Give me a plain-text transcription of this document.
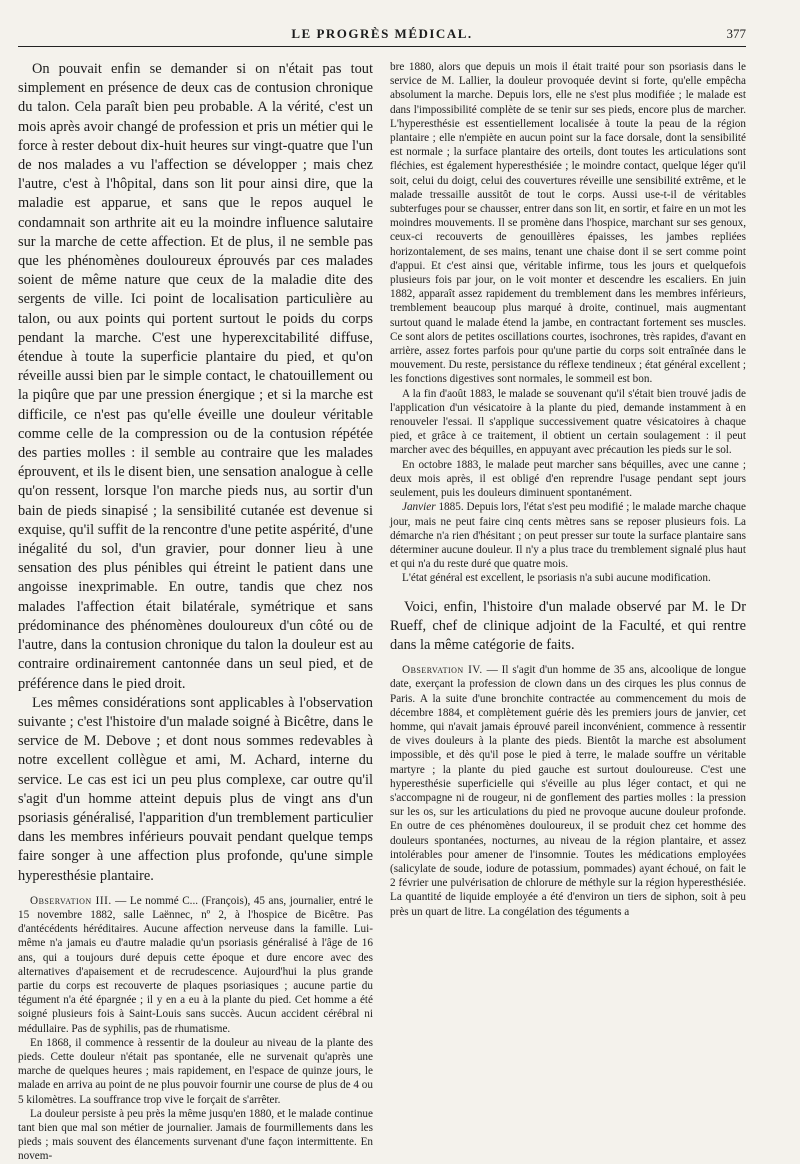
LE PROGRÈS MÉDICAL.	377

On pouvait enfin se demander si on n'était pas tout simplement en présence de deux cas de contusion chronique du talon. Cela paraît bien peu probable. A la vérité, c'est un mois après avoir changé de profession et pris un métier qui le force à rester debout dix-huit heures sur vingt-quatre que l'un de nos malades a vu l'affection se développer ; mais chez l'autre, c'est à l'hôpital, dans son lit pour ainsi dire, que la maladie est apparue, et sans que le repos auquel le condamnait son arthrite ait eu la moindre influence salutaire sur la marche de cette affection. Et de plus, il ne semble pas que les phénomènes douloureux éprouvés par ces malades soient de même nature que ceux de la maladie dite des sergents de ville. Ici point de localisation particulière au talon, ou aux points qui portent surtout le poids du corps pendant la marche. C'est une hyperexcitabilité diffuse, étendue à toute la superficie plantaire du pied, et qu'on réveille aussi bien par le simple contact, le chatouillement ou la piqûre que par une pression énergique ; et si la marche est difficile, ce n'est pas qu'elle éveille une douleur véritable comme celle de la compression ou de la contusion répétée des parties molles : il semble au contraire que les malades éprouvent, et ils le disent bien, une sensation analogue à celle qu'on ressent, lorsque l'on marche pieds nus, au sortir d'un bain de pieds sinapisé ; la sensibilité cutanée est devenue si exquise, qu'il suffit de la rencontre d'une petite aspérité, d'une inégalité du sol, d'un gravier, pour donner lieu à une sensation des plus pénibles qui étreint le patient dans une angoisse inexprimable. En outre, tandis que chez nos malades l'affection était bilatérale, symétrique et sans prédominance des phénomènes douloureux d'un côté ou de l'autre, dans la contusion chronique du talon la douleur est au contraire ordinairement cantonnée dans un seul pied, et de préférence dans le pied droit.

Les mêmes considérations sont applicables à l'observation suivante ; c'est l'histoire d'un malade soigné à Bicêtre, dans le service de M. Debove ; et dont nous sommes redevables à notre excellent collègue et ami, M. Achard, interne du service. Le cas est ici un peu plus complexe, car outre qu'il s'agit d'un homme atteint depuis plus de vingt ans d'un psoriasis généralisé, l'apparition d'un tremblement particulier dans les membres inférieurs pouvait pendant quelque temps faire songer à une affection plus profonde, qu'une simple hyperesthésie plantaire.

Observation III. — Le nommé C... (François), 45 ans, journalier, entré le 15 novembre 1882, salle Laënnec, nº 2, à l'hospice de Bicêtre. Pas d'antécédents héréditaires. Aucune affection nerveuse dans la famille. Lui-même n'a jamais eu d'autre maladie qu'un psoriasis généralisé à l'âge de 16 ans, qui a toujours duré depuis cette époque et dure encore avec des alternatives d'apaisement et de recrudescence. Aujourd'hui la plus grande partie du corps est recouverte de plaques psoriasiques ; aucune partie du tégument n'a été épargnée ; il y en a eu à la plante du pied. Cet homme a été soigné plusieurs fois à Saint-Louis sans succès. Aucun accident cérébral ni médullaire. Pas de syphilis, pas de rhumatisme.

En 1868, il commence à ressentir de la douleur au niveau de la plante des pieds. Cette douleur n'était pas spontanée, elle ne survenait qu'après une marche de quelques heures ; mais rapidement, en l'espace de quinze jours, le malade en arriva au point de ne plus pouvoir fournir une course de plus de 4 ou 5 kilomètres. La souffrance trop vive le forçait de s'arrêter.

La douleur persiste à peu près la même jusqu'en 1880, et le malade continue tant bien que mal son métier de journalier. Jamais de fourmillements dans les pieds ; mais souvent des élancements survenant d'une façon intermittente. En novem-

bre 1880, alors que depuis un mois il était traité pour son psoriasis dans le service de M. Lallier, la douleur provoquée devint si forte, qu'elle empêcha absolument la marche. Depuis lors, elle ne s'est plus modifiée ; le malade est dans l'impossibilité complète de se tenir sur ses pieds, encore plus de marcher. L'hyperesthésie est essentiellement localisée à toute la peau de la région plantaire ; elle n'empiète en aucun point sur la face dorsale, dont la sensibilité est normale ; la surface plantaire des orteils, dont toutes les articulations sont fléchies, est également hyperesthésiée ; le moindre contact, quelque léger qu'il soit, celui du doigt, celui des couvertures réveille une sensibilité extrême, et le malade tressaille aussitôt de tout le corps. Aussi use-t-il de véritables subterfuges pour se chausser, entrer dans son lit, en sortir, et faire en un mot les moindres mouvements. Il se promène dans l'hospice, marchant sur ses genoux, ceux-ci recouverts de genouillères épaisses, les jambes repliées horizontalement, de ses mains, tenant une chaise dont il se sert comme point d'appui. Et c'est ainsi que, véritable infirme, tous les jours et quelquefois plusieurs fois par jour, on le voit monter et descendre les escaliers. En juin 1882, apparaît assez rapidement du tremblement dans les membres inférieurs, tremblement beaucoup plus marqué à droite, continuel, mais augmentant surtout quand le malade étend la jambe, en contractant fortement ses muscles. Ce sont alors de petites oscillations courtes, isochrones, très rapides, d'avant en arrière, assez fortes parfois pour qu'une partie du corps soit entraînée dans le mouvement. Du reste, persistance du réflexe tendineux ; état général excellent ; les fonctions digestives sont normales, le sommeil est bon.

A la fin d'août 1883, le malade se souvenant qu'il s'était bien trouvé jadis de l'application d'un vésicatoire à la plante du pied, demande instamment à en renouveler l'essai. Il s'applique successivement quatre vésicatoires à chaque pied, et grâce à ce traitement, il obtient un certain soulagement : il peut marcher avec des béquilles, en appuyant avec précaution les pieds sur le sol.

En octobre 1883, le malade peut marcher sans béquilles, avec une canne ; deux mois après, il est obligé d'en reprendre l'usage pendant sept jours seulement, puis les douleurs diminuent spontanément.

Janvier 1885. Depuis lors, l'état s'est peu modifié ; le malade marche chaque jour, mais ne peut faire cinq cents mètres sans se reposer plusieurs fois. La démarche n'a rien d'hésitant ; on peut presser sur toute la surface plantaire sans déterminer aucune douleur. Il n'y a plus trace du tremblement signalé plus haut et qui n'a du reste duré que quatre mois.

L'état général est excellent, le psoriasis n'a subi aucune modification.

Voici, enfin, l'histoire d'un malade observé par M. le Dr Rueff, chef de clinique adjoint de la Faculté, et qui rentre dans la même catégorie de faits.

Observation IV. — Il s'agit d'un homme de 35 ans, alcoolique de longue date, exerçant la profession de clown dans un des cirques les plus connus de Paris. A la suite d'une bronchite contractée au commencement du mois de décembre 1884, et complètement guérie dès les premiers jours de janvier, cet homme, qui n'avait jamais éprouvé pareil inconvénient, commence à ressentir de vives douleurs à la plante des pieds. Bientôt la marche est absolument impossible, et dès qu'il pose le pied à terre, le malade souffre un véritable martyre ; la plante du pied gauche est surtout douloureuse. C'est une hyperesthésie superficielle qui s'éveille au plus léger contact, et qui ne s'accompagne ni de rougeur, ni de gonflement des parties molles : la pression sur les os, sur les articulations du pied ne provoque aucune douleur profonde. En outre de ces phénomènes douloureux, il se produit chez cet homme des douleurs spontanées, nocturnes, au niveau de la région plantaire, et assez intolérables pour amener de l'insomnie. Toutes les médications employées (salicylate de soude, iodure de potassium, pommades) ayant échoué, on fait le 2 février une pulvérisation de chlorure de méthyle sur la région hyperesthésiée. La quantité de liquide employée a été d'environ un tiers de siphon, soit à peu près un quart de litre. La congélation des téguments a
